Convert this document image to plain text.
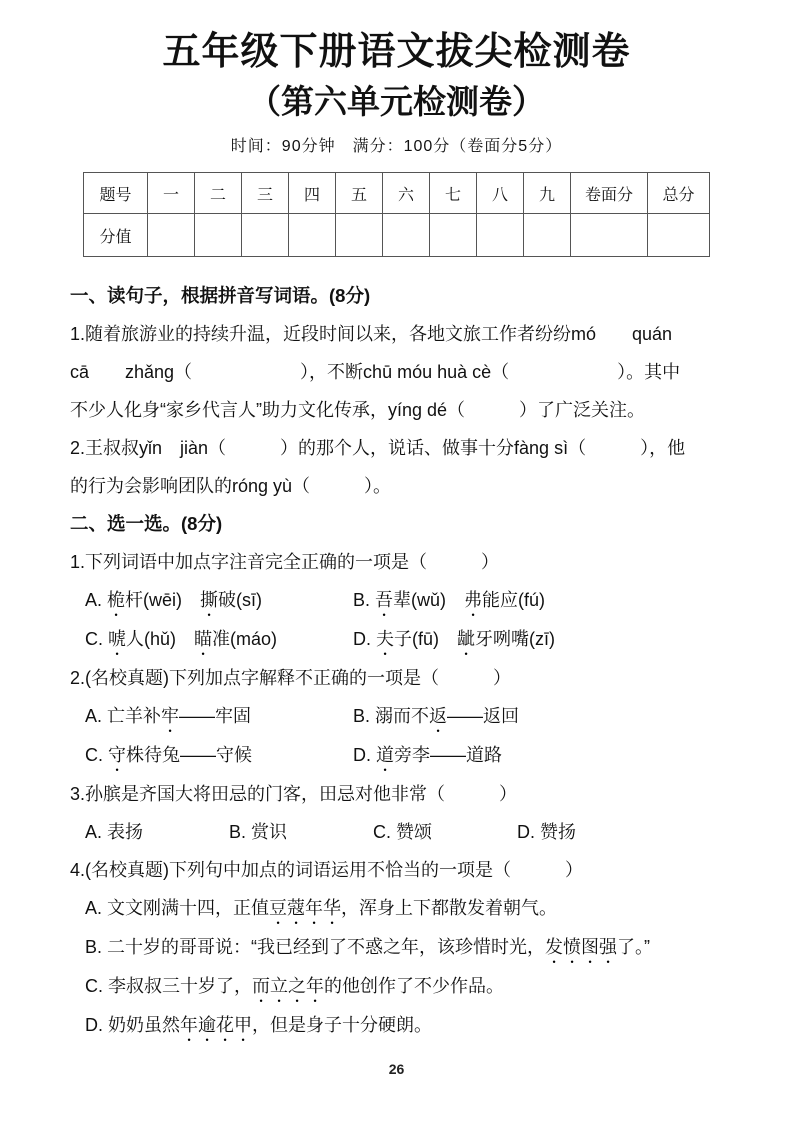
五年级下册语文拔尖检测卷
（第六单元检测卷）
时间：90分钟　满分：100分（卷面分5分）
题号	一	二	三	四	五	六	七	八	九	卷面分	总分
分值											
一、读句子，根据拼音写词语。(8分)
1.随着旅游业的持续升温，近段时间以来，各地文旅工作者纷纷mó　　quán
cā　　zhǎng（　　　　　　），不断chū móu huà cè（　　　　　　）。其中
不少人化身“家乡代言人”助力文化传承，yíng dé（　　　）了广泛关注。
2.王叔叔yǐn　jiàn（　　　）的那个人，说话、做事十分fàng sì（　　　），他
的行为会影响团队的róng yù（　　　）。
二、选一选。(8分)
1.下列词语中加点字注音完全正确的一项是（　　　）
A. 桅杆(wēi)　撕破(sī)	B. 吾辈(wǔ)　弗能应(fú)
C. 唬人(hǔ)　瞄准(máo)	D. 夫子(fū)　龇牙咧嘴(zī)
2.(名校真题)下列加点字解释不正确的一项是（　　　）
A. 亡羊补牢——牢固	B. 溺而不返——返回
C. 守株待兔——守候	D. 道旁李——道路
3.孙膑是齐国大将田忌的门客，田忌对他非常（　　　）
A. 表扬	B. 赏识	C. 赞颂	D. 赞扬
4.(名校真题)下列句中加点的词语运用不恰当的一项是（　　　）
A. 文文刚满十四，正值豆蔻年华，浑身上下都散发着朝气。
B. 二十岁的哥哥说：“我已经到了不惑之年，该珍惜时光，发愤图强了。”
C. 李叔叔三十岁了，而立之年的他创作了不少作品。
D. 奶奶虽然年逾花甲，但是身子十分硬朗。
26
